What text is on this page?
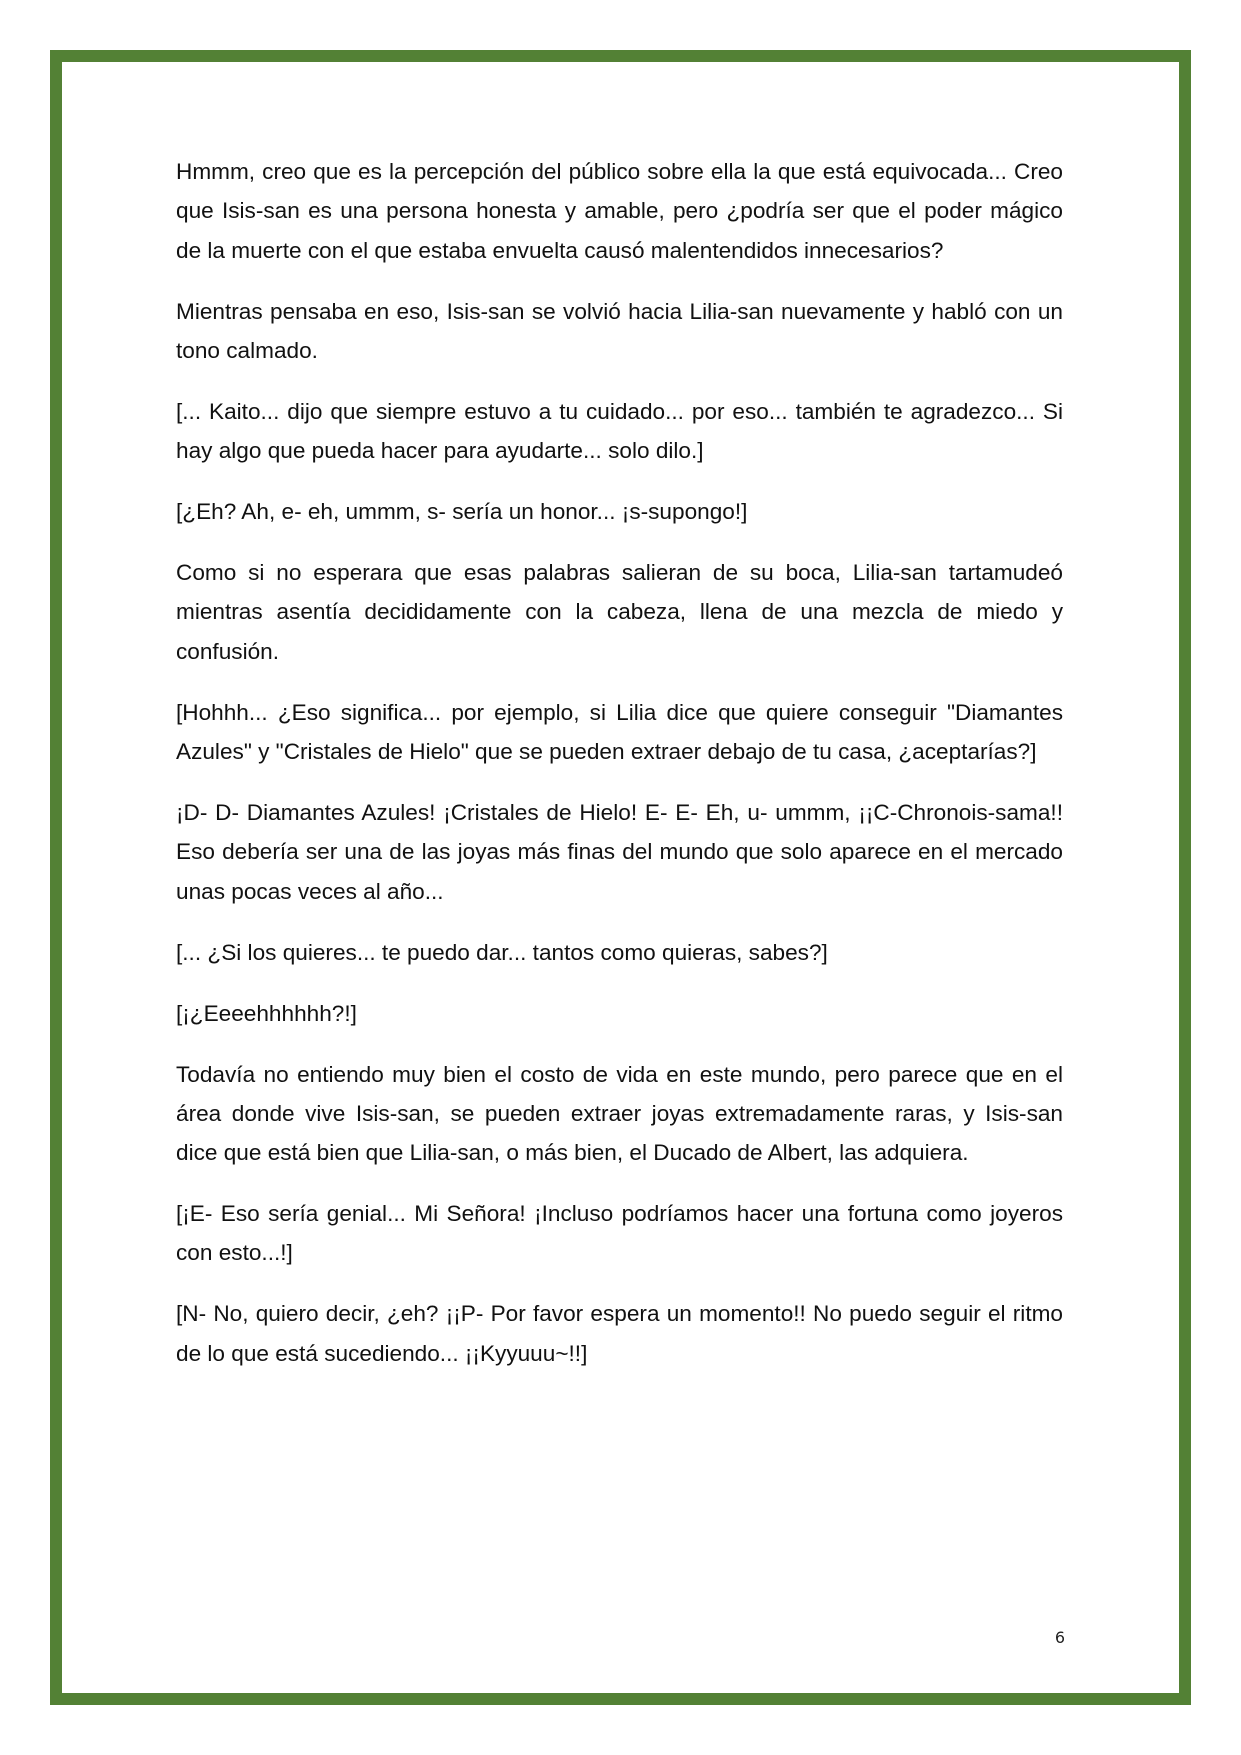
Hmmm, creo que es la percepción del público sobre ella la que está equivocada... Creo que Isis-san es una persona honesta y amable, pero ¿podría ser que el poder mágico de la muerte con el que estaba envuelta causó malentendidos innecesarios?

Mientras pensaba en eso, Isis-san se volvió hacia Lilia-san nuevamente y habló con un tono calmado.

[... Kaito... dijo que siempre estuvo a tu cuidado... por eso... también te agradezco... Si hay algo que pueda hacer para ayudarte... solo dilo.]

[¿Eh? Ah, e- eh, ummm, s- sería un honor... ¡s-supongo!]

Como si no esperara que esas palabras salieran de su boca, Lilia-san tartamudeó mientras asentía decididamente con la cabeza, llena de una mezcla de miedo y confusión.

[Hohhh... ¿Eso significa... por ejemplo, si Lilia dice que quiere conseguir "Diamantes Azules" y "Cristales de Hielo" que se pueden extraer debajo de tu casa, ¿aceptarías?]

¡D- D- Diamantes Azules! ¡Cristales de Hielo! E- E- Eh, u- ummm, ¡¡C-Chronois-sama!! Eso debería ser una de las joyas más finas del mundo que solo aparece en el mercado unas pocas veces al año...

[... ¿Si los quieres... te puedo dar... tantos como quieras, sabes?]

[¡¿Eeeehhhhhh?!]

Todavía no entiendo muy bien el costo de vida en este mundo, pero parece que en el área donde vive Isis-san, se pueden extraer joyas extremadamente raras, y Isis-san dice que está bien que Lilia-san, o más bien, el Ducado de Albert, las adquiera.

[¡E- Eso sería genial... Mi Señora! ¡Incluso podríamos hacer una fortuna como joyeros con esto...!]

[N- No, quiero decir, ¿eh? ¡¡P- Por favor espera un momento!! No puedo seguir el ritmo de lo que está sucediendo... ¡¡Kyyuuu~!!]

6
